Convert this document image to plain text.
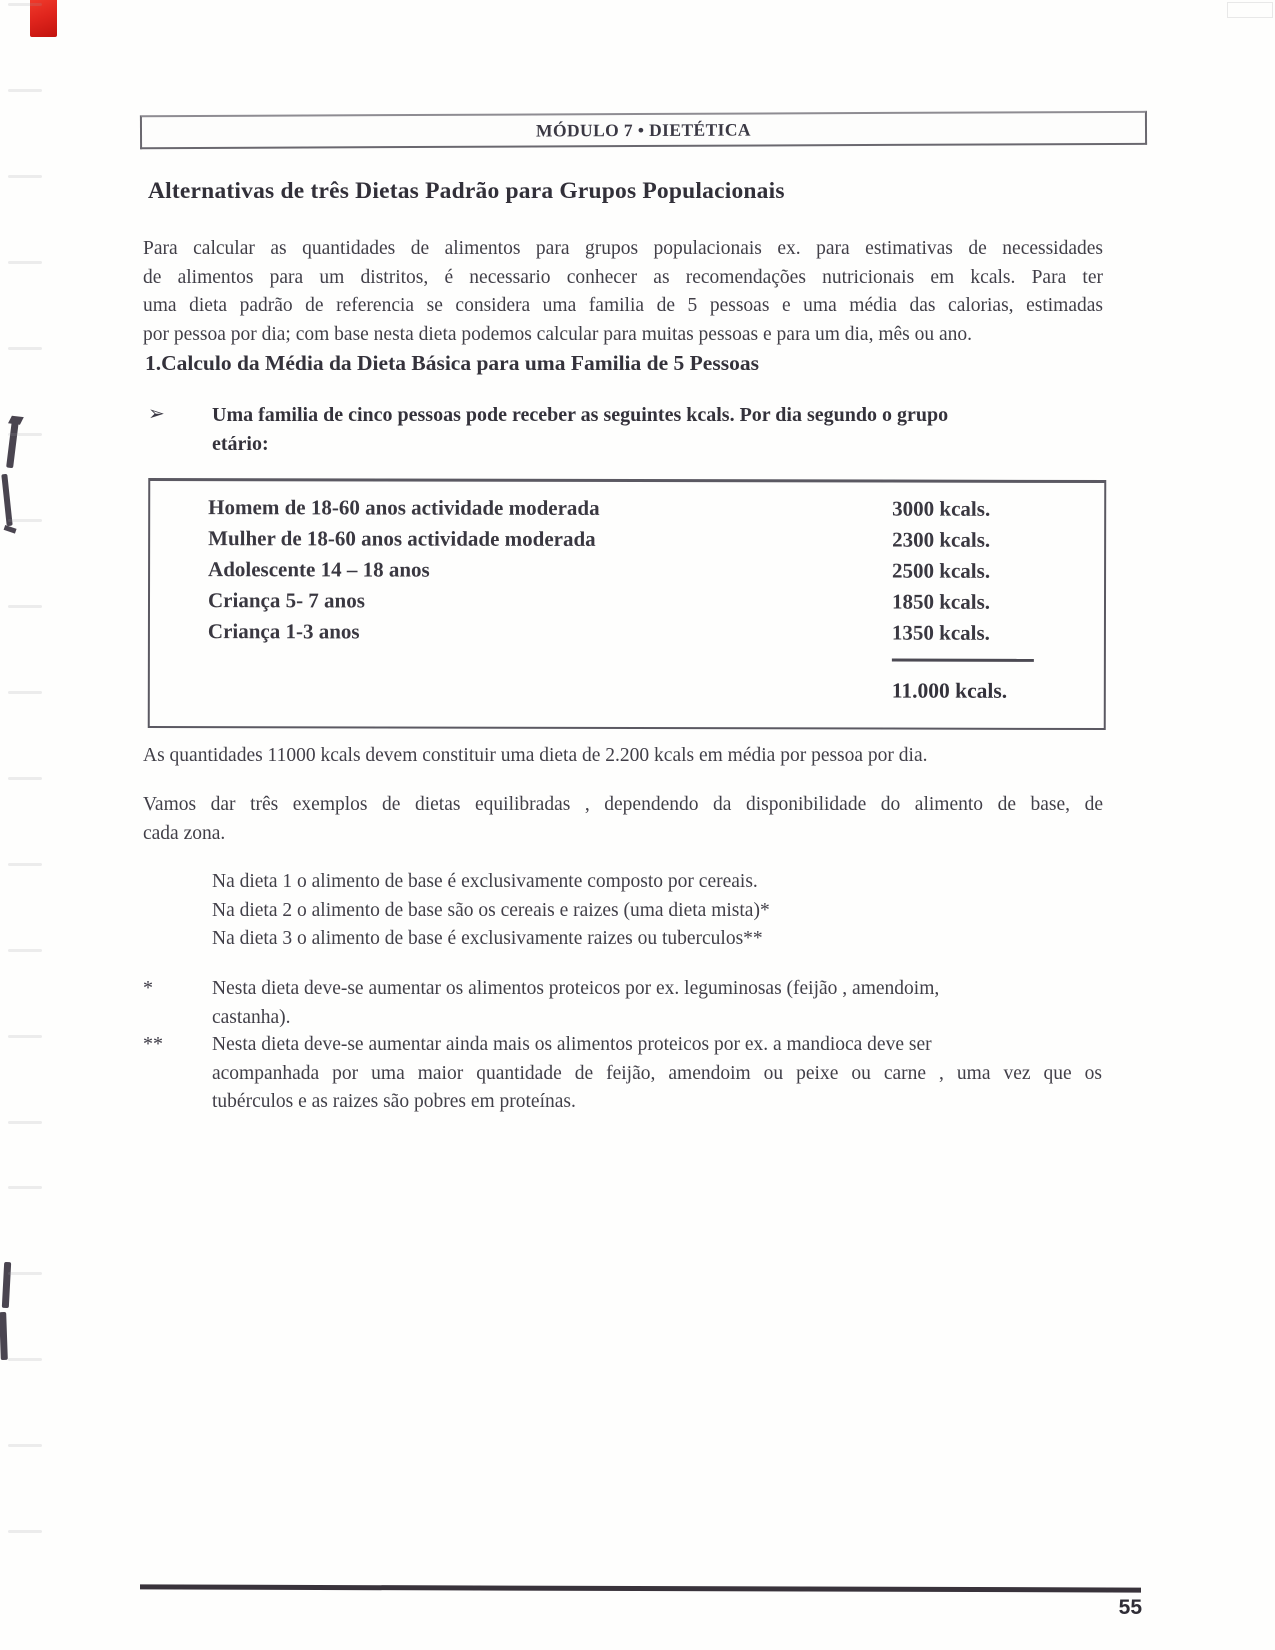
MÓDULO 7 • DIETÉTICA
Alternativas de três Dietas Padrão para Grupos Populacionais
Para calcular as quantidades de alimentos para grupos populacionais ex. para estimativas de necessidades
de alimentos para um distritos, é necessario conhecer as recomendações nutricionais em kcals. Para ter
uma dieta padrão de referencia se considera uma familia de 5 pessoas e uma média das calorias, estimadas
por pessoa por dia; com base nesta dieta podemos calcular para muitas pessoas e para um dia, mês ou ano.
1.Calculo da Média da Dieta Básica para uma Familia de 5 Pessoas
➢	Uma familia de cinco pessoas pode receber as seguintes kcals. Por dia segundo o grupo
etário:
Homem de 18-60 anos actividade moderada	3000 kcals.
Mulher de 18-60 anos actividade moderada	2300 kcals.
Adolescente 14 – 18 anos	2500 kcals.
Criança 5- 7 anos	1850 kcals.
Criança 1-3 anos	1350 kcals.
11.000 kcals.
As quantidades 11000 kcals devem constituir uma dieta de 2.200 kcals em média por pessoa por dia.
Vamos dar três exemplos de dietas equilibradas , dependendo da disponibilidade do alimento de base, de
cada zona.
Na dieta 1 o alimento de base é exclusivamente composto por cereais.
Na dieta 2 o alimento de base são os cereais e raizes (uma dieta mista)*
Na dieta 3 o alimento de base é exclusivamente raizes ou tuberculos**
*	Nesta dieta deve-se aumentar os alimentos proteicos por ex. leguminosas (feijão , amendoim,
castanha).
**	Nesta dieta deve-se aumentar ainda mais os alimentos proteicos por ex. a mandioca deve ser
acompanhada por uma maior quantidade de feijão, amendoim ou peixe ou carne , uma vez que os
tubérculos e as raizes são pobres em proteínas.
55
